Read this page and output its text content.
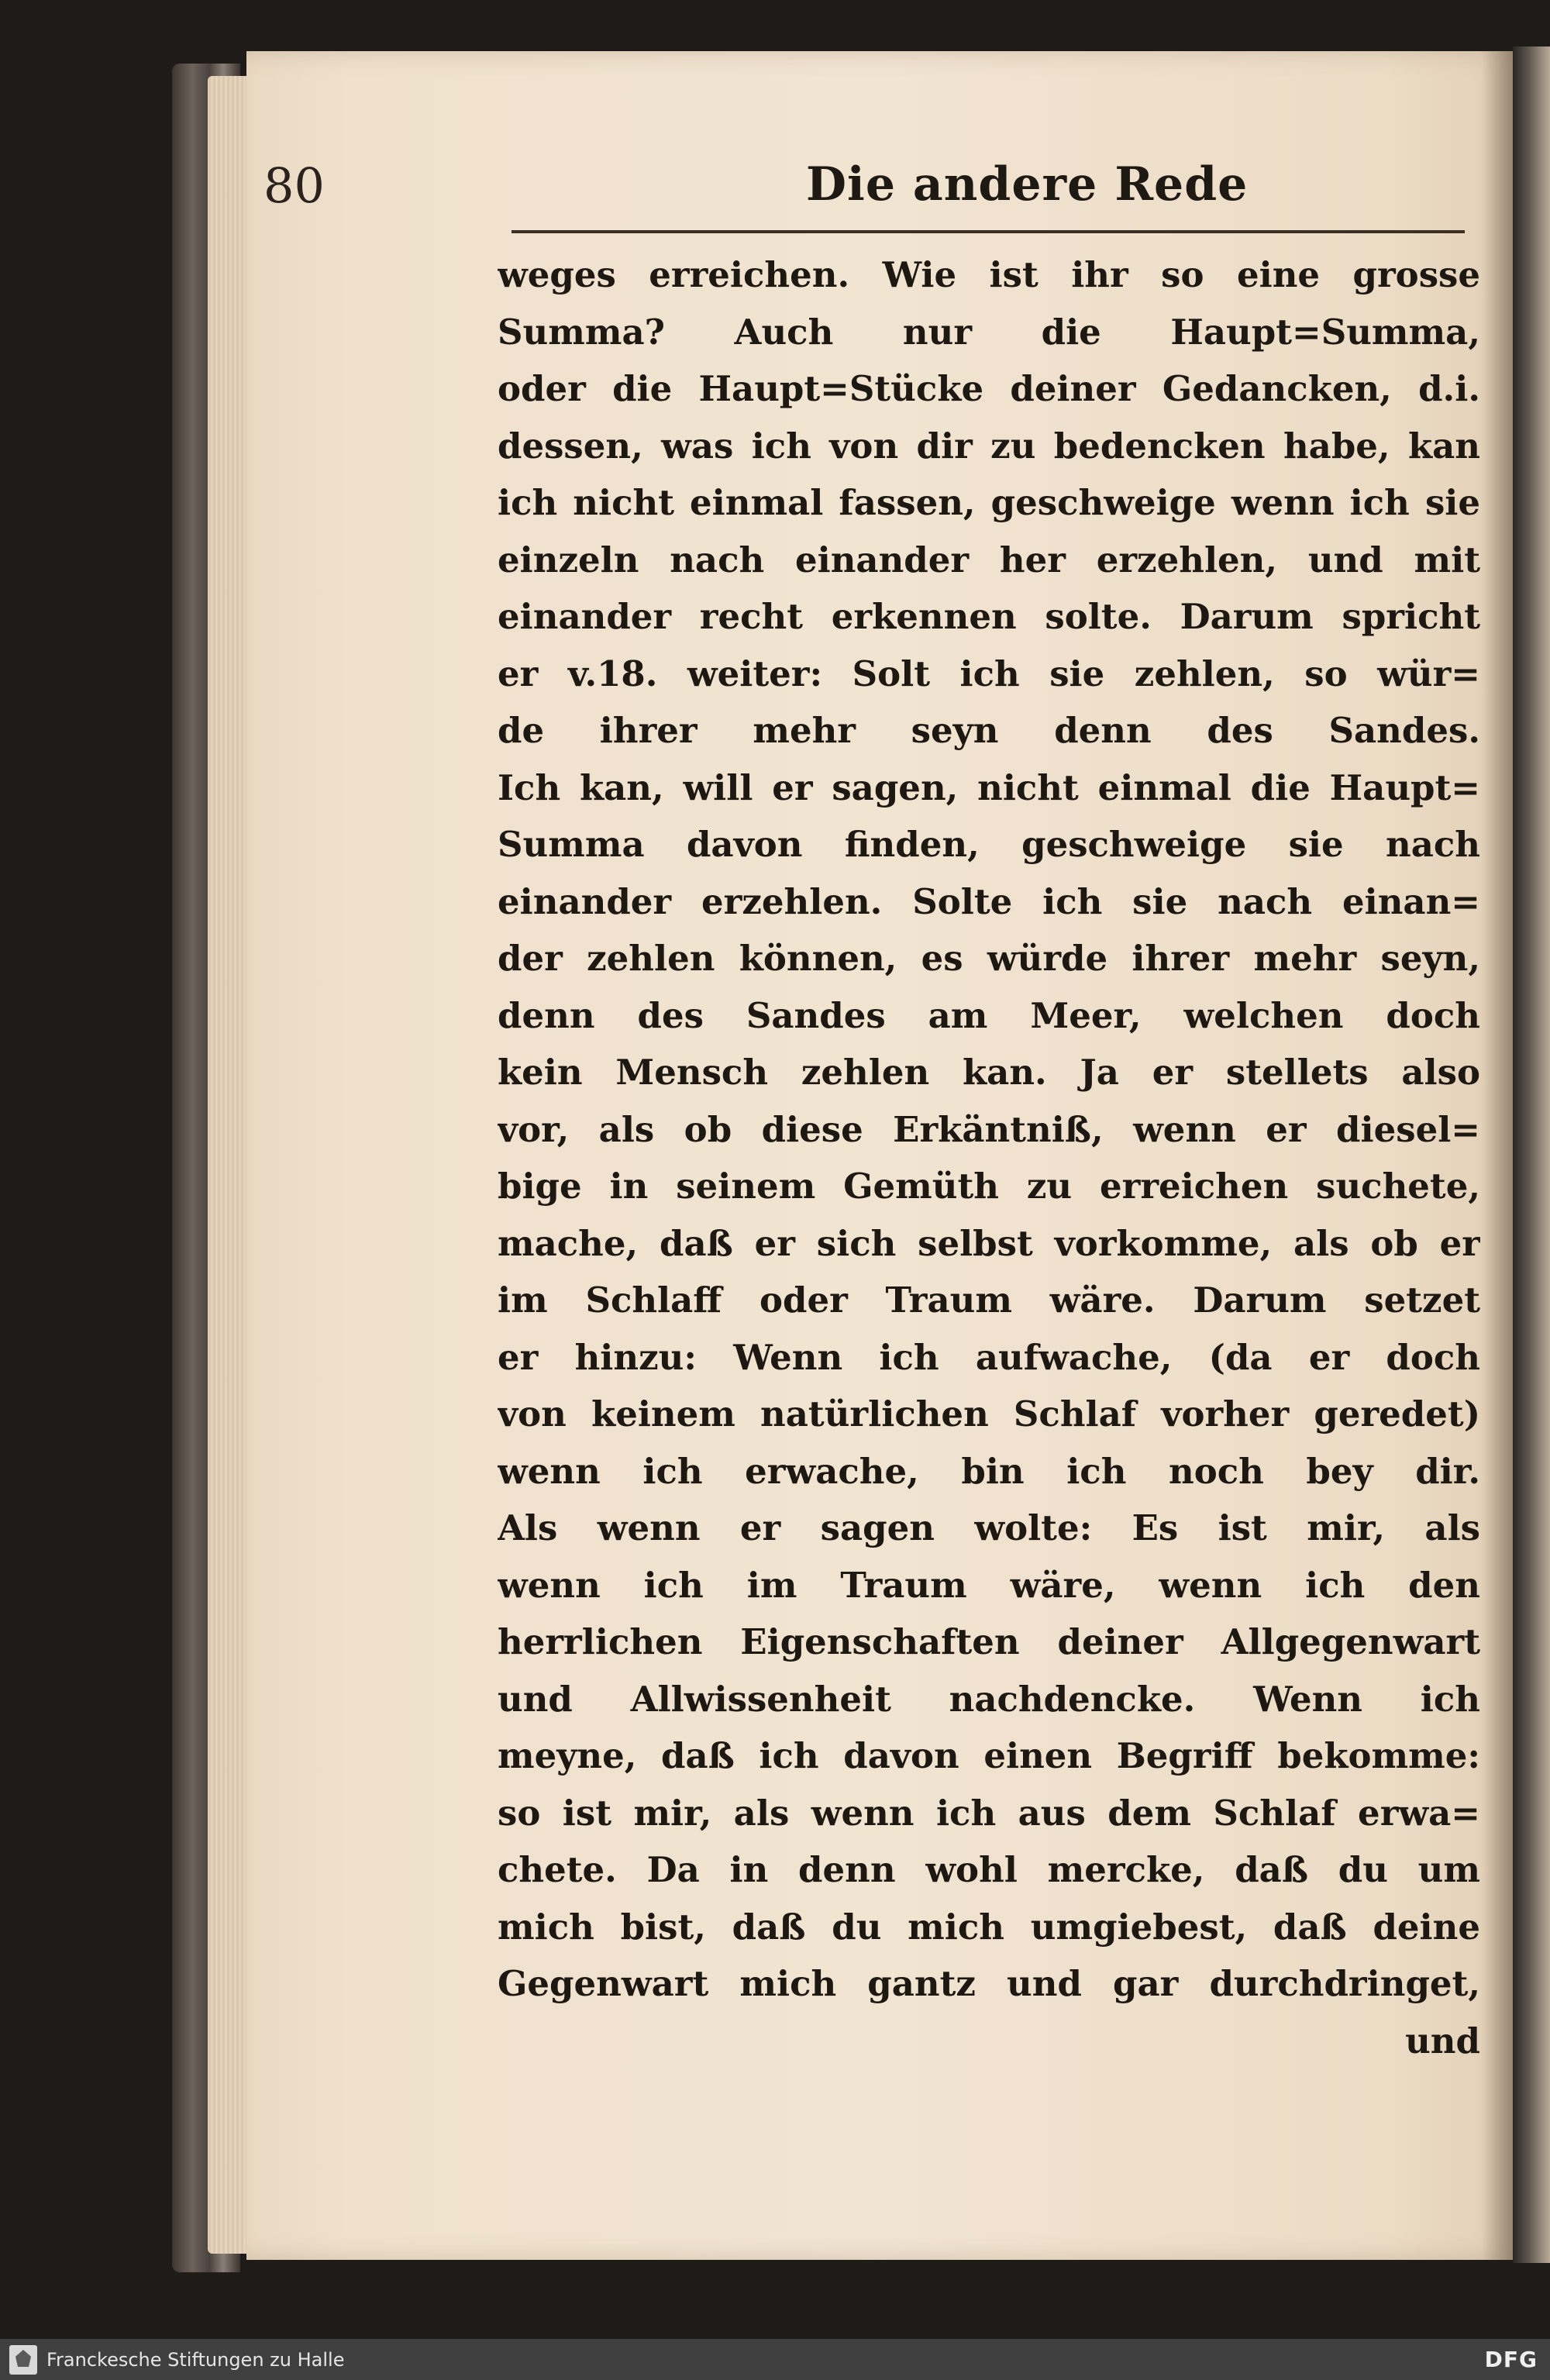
80	Die andere Rede
weges erreichen. Wie ist ihr so eine grosse
Summa? Auch nur die Haupt=Summa,
oder die Haupt=Stücke deiner Gedancken, d.i.
dessen, was ich von dir zu bedencken habe, kan
ich nicht einmal fassen, geschweige wenn ich sie
einzeln nach einander her erzehlen, und mit
einander recht erkennen solte. Darum spricht
er v.18. weiter: Solt ich sie zehlen, so wür=
de ihrer mehr seyn denn des Sandes.
Ich kan, will er sagen, nicht einmal die Haupt=
Summa davon finden, geschweige sie nach
einander erzehlen. Solte ich sie nach einan=
der zehlen können, es würde ihrer mehr seyn,
denn des Sandes am Meer, welchen doch
kein Mensch zehlen kan. Ja er stellets also
vor, als ob diese Erkäntniß, wenn er diesel=
bige in seinem Gemüth zu erreichen suchete,
mache, daß er sich selbst vorkomme, als ob er
im Schlaff oder Traum wäre. Darum setzet
er hinzu: Wenn ich aufwache, (da er doch
von keinem natürlichen Schlaf vorher geredet)
wenn ich erwache, bin ich noch bey dir.
Als wenn er sagen wolte: Es ist mir, als
wenn ich im Traum wäre, wenn ich den
herrlichen Eigenschaften deiner Allgegenwart
und Allwissenheit nachdencke. Wenn ich
meyne, daß ich davon einen Begriff bekomme:
so ist mir, als wenn ich aus dem Schlaf erwa=
chete. Da in denn wohl mercke, daß du um
mich bist, daß du mich umgiebest, daß deine
Gegenwart mich gantz und gar durchdringet,
und
Franckesche Stiftungen zu Halle	DFG
